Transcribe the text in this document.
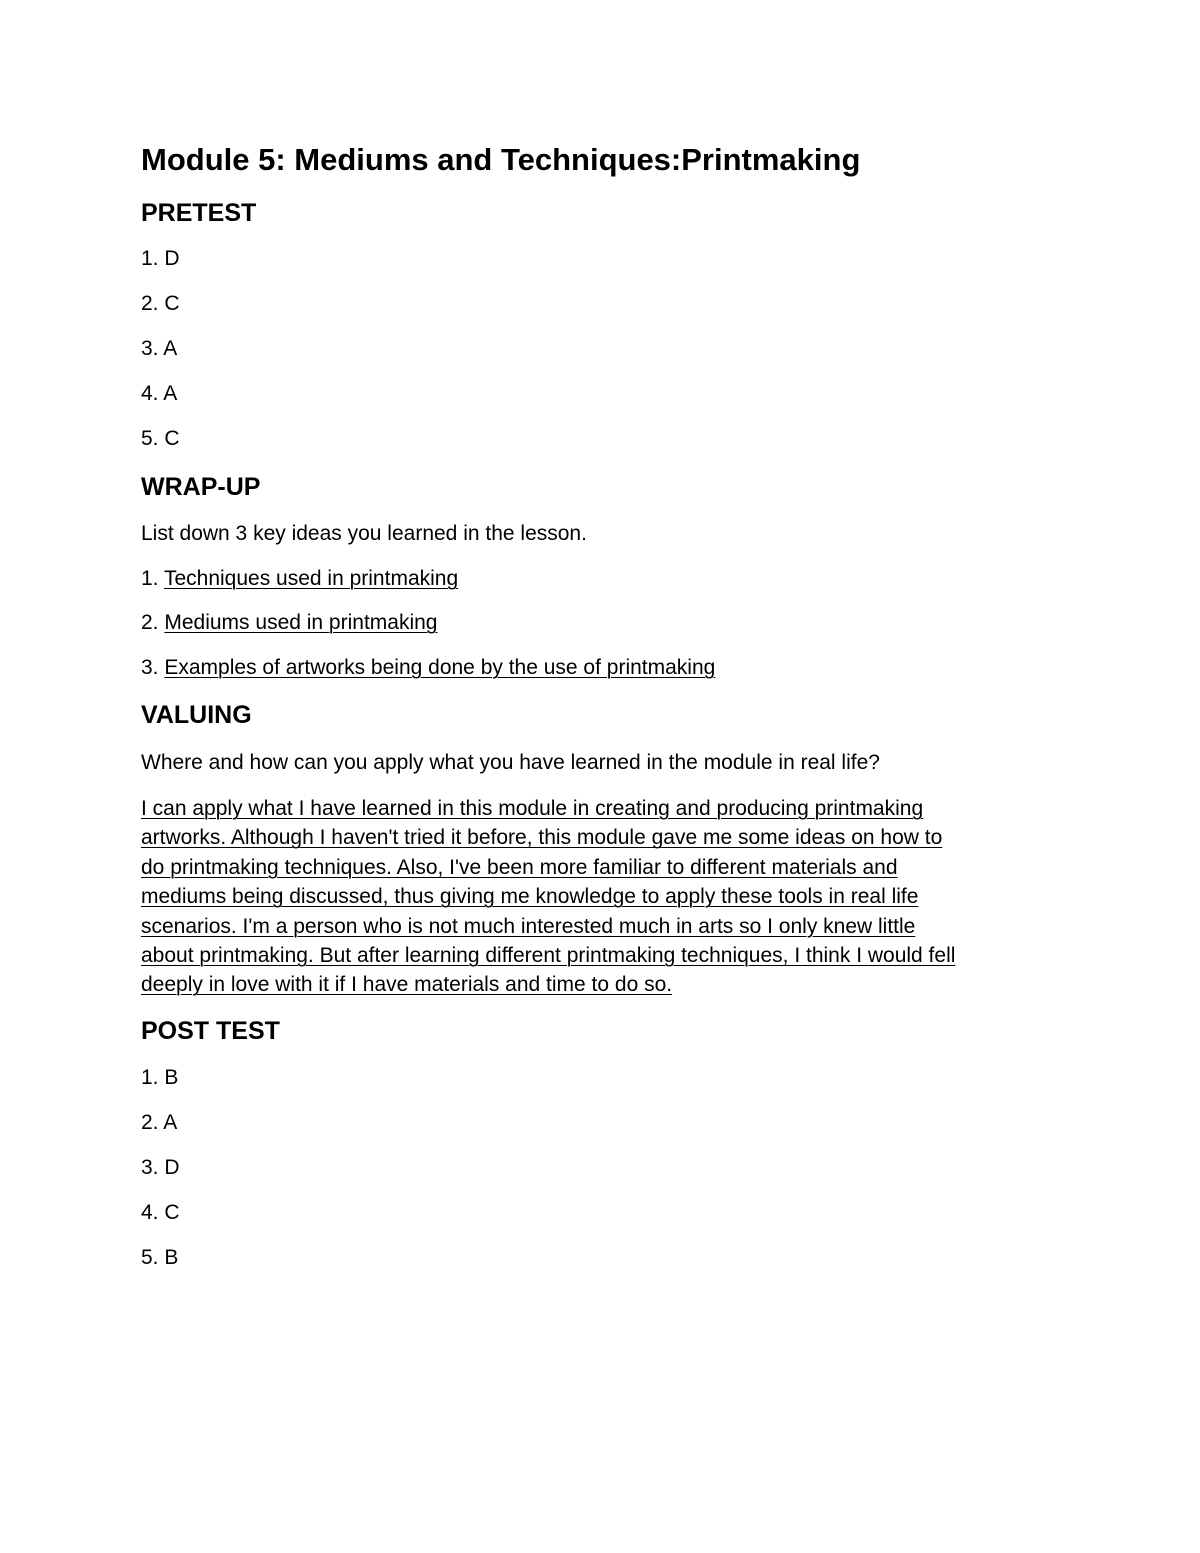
Module 5: Mediums and Techniques:Printmaking
PRETEST
1. D
2. C
3. A
4. A
5. C
WRAP-UP
List down 3 key ideas you learned in the lesson.
1. Techniques used in printmaking
2. Mediums used in printmaking
3. Examples of artworks being done by the use of printmaking
VALUING
Where and how can you apply what you have learned in the module in real life?
I can apply what I have learned in this module in creating and producing printmaking
artworks. Although I haven't tried it before, this module gave me some ideas on how to
do printmaking techniques. Also, I've been more familiar to different materials and
mediums being discussed, thus giving me knowledge to apply these tools in real life
scenarios. I'm a person who is not much interested much in arts so I only knew little
about printmaking. But after learning different printmaking techniques, I think I would fell
deeply in love with it if I have materials and time to do so.
POST TEST
1. B
2. A
3. D
4. C
5. B
